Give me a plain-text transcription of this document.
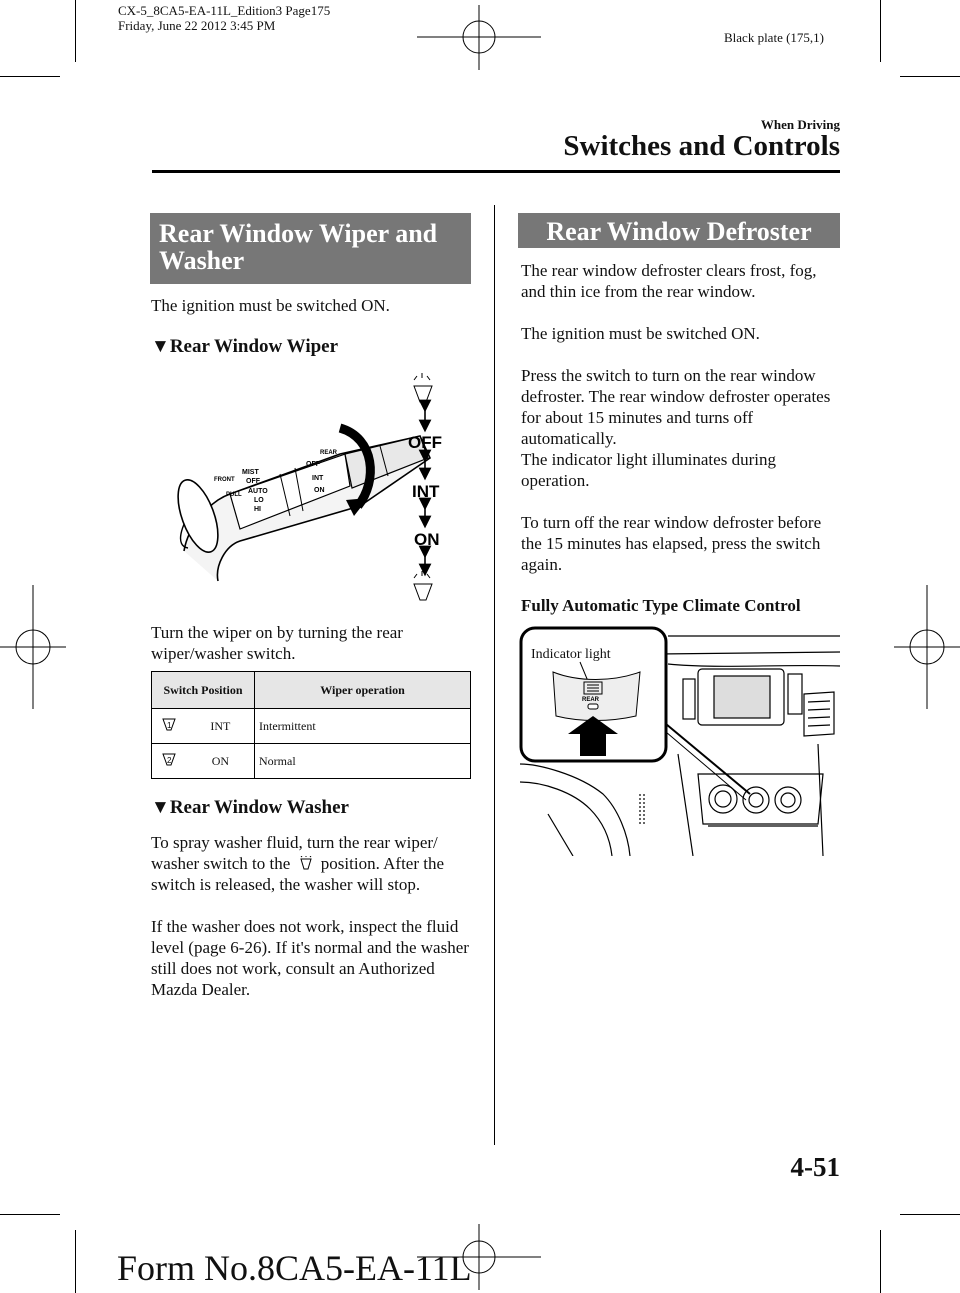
CX-5_8CA5-EA-11L_Edition3 Page175
Friday, June 22 2012 3:45 PM
Black plate (175,1)
When Driving
Switches and Controls
Rear Window Wiper and Washer
The ignition must be switched ON.
▼Rear Window Wiper
FRONT
MIST
OFF
AUTO
LO
HI
PULL
OFF
REAR
INT
ON
OFF
INT
ON
Turn the wiper on by turning the rear wiper/washer switch.
Switch Position		Wiper operation

1	INT	Intermittent

2	ON	Normal
▼Rear Window Washer
To spray washer fluid, turn the rear wiper/ washer switch to the position. After the switch is released, the washer will stop.
If the washer does not work, inspect the fluid level (page 6-26). If it's normal and the washer still does not work, consult an Authorized Mazda Dealer.
Rear Window Defroster
The rear window defroster clears frost, fog, and thin ice from the rear window.
The ignition must be switched ON.
Press the switch to turn on the rear window defroster. The rear window defroster operates for about 15 minutes and turns off automatically.
The indicator light illuminates during operation.
To turn off the rear window defroster before the 15 minutes has elapsed, press the switch again.
Fully Automatic Type Climate Control
Indicator light
REAR
4-51
Form No.8CA5-EA-11L
